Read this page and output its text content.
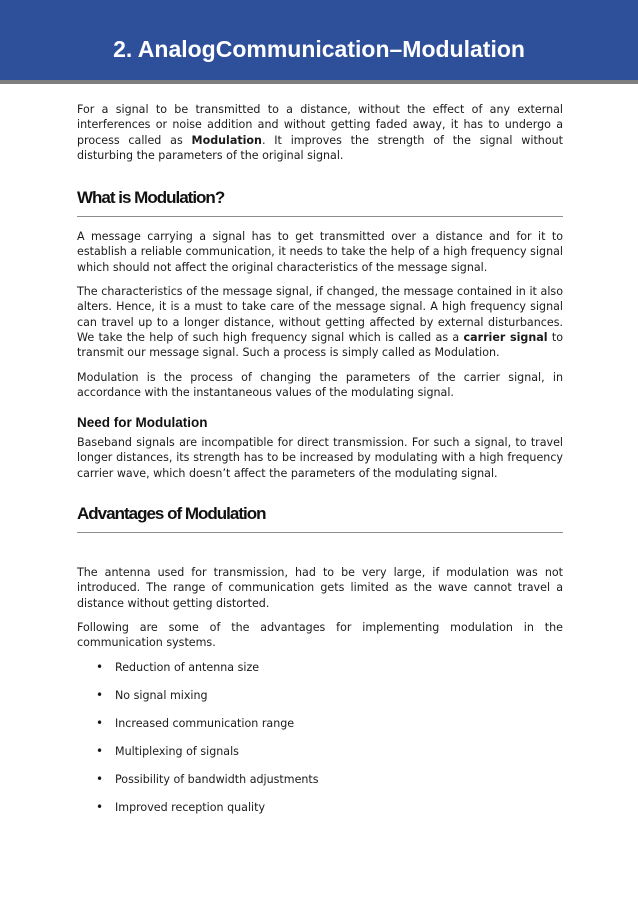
2. AnalogCommunication–Modulation

For a signal to be transmitted to a distance, without the effect of any external interferences or noise addition and without getting faded away, it has to undergo a process called as Modulation. It improves the strength of the signal without disturbing the parameters of the original signal.

What is Modulation?

A message carrying a signal has to get transmitted over a distance and for it to establish a reliable communication, it needs to take the help of a high frequency signal which should not affect the original characteristics of the message signal.

The characteristics of the message signal, if changed, the message contained in it also alters. Hence, it is a must to take care of the message signal. A high frequency signal can travel up to a longer distance, without getting affected by external disturbances. We take the help of such high frequency signal which is called as a carrier signal to transmit our message signal. Such a process is simply called as Modulation.

Modulation is the process of changing the parameters of the carrier signal, in accordance with the instantaneous values of the modulating signal.

Need for Modulation

Baseband signals are incompatible for direct transmission. For such a signal, to travel longer distances, its strength has to be increased by modulating with a high frequency carrier wave, which doesn’t affect the parameters of the modulating signal.

Advantages of Modulation

The antenna used for transmission, had to be very large, if modulation was not introduced. The range of communication gets limited as the wave cannot travel a distance without getting distorted.

Following are some of the advantages for implementing modulation in the communication systems.

• Reduction of antenna size
• No signal mixing
• Increased communication range
• Multiplexing of signals
• Possibility of bandwidth adjustments
• Improved reception quality
